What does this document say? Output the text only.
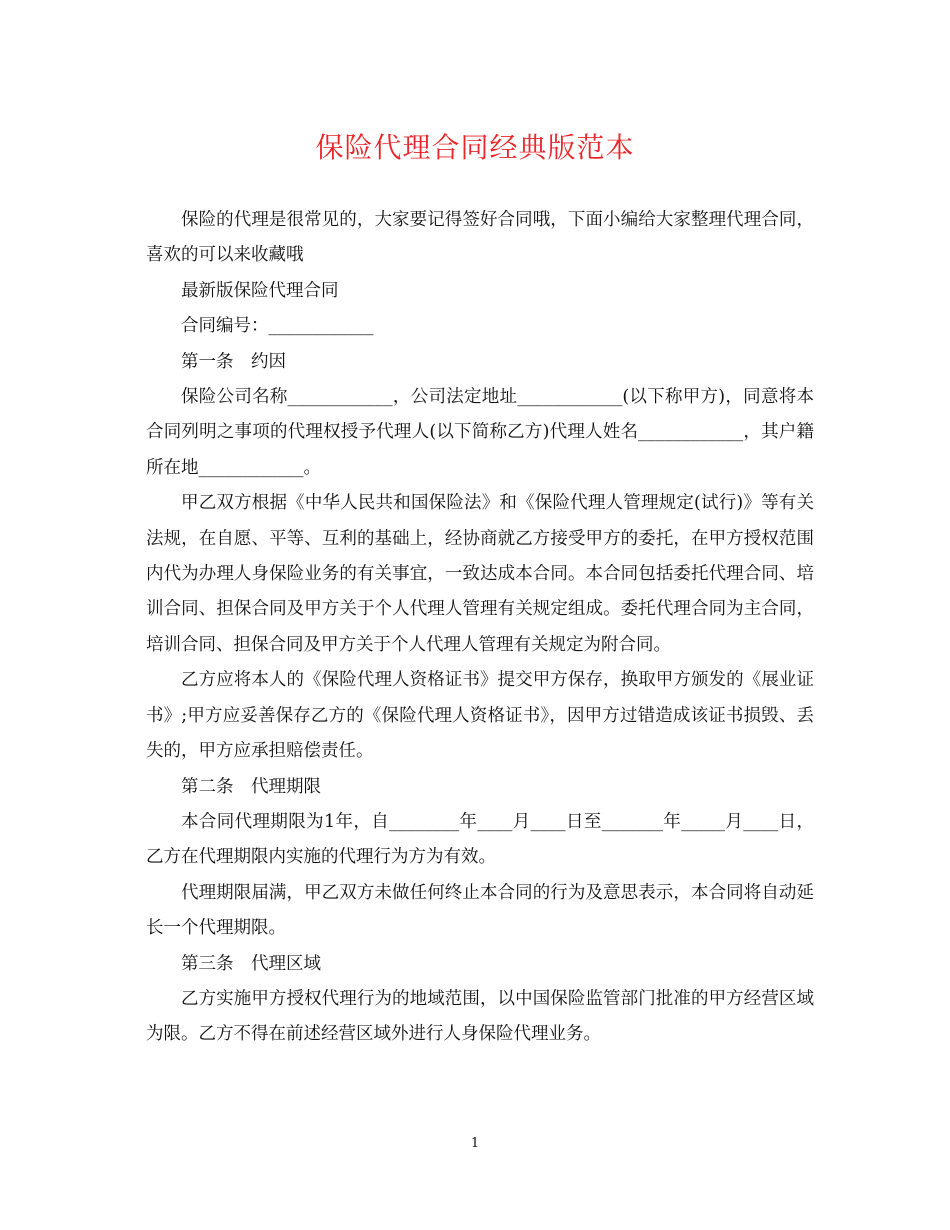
保险代理合同经典版范本

保险的代理是很常见的，大家要记得签好合同哦，下面小编给大家整理代理合同，喜欢的可以来收藏哦

最新版保险代理合同

合同编号：____________

第一条　约因

保险公司名称____________，公司法定地址____________(以下称甲方)，同意将本合同列明之事项的代理权授予代理人(以下简称乙方)代理人姓名____________，其户籍所在地____________。

甲乙双方根据《中华人民共和国保险法》和《保险代理人管理规定(试行)》等有关法规，在自愿、平等、互利的基础上，经协商就乙方接受甲方的委托，在甲方授权范围内代为办理人身保险业务的有关事宜，一致达成本合同。本合同包括委托代理合同、培训合同、担保合同及甲方关于个人代理人管理有关规定组成。委托代理合同为主合同，培训合同、担保合同及甲方关于个人代理人管理有关规定为附合同。

乙方应将本人的《保险代理人资格证书》提交甲方保存，换取甲方颁发的《展业证书》;甲方应妥善保存乙方的《保险代理人资格证书》，因甲方过错造成该证书损毁、丢失的，甲方应承担赔偿责任。

第二条　代理期限

本合同代理期限为1年，自________年____月____日至_______年_____月____日，乙方在代理期限内实施的代理行为方为有效。

代理期限届满，甲乙双方未做任何终止本合同的行为及意思表示，本合同将自动延长一个代理期限。

第三条　代理区域

乙方实施甲方授权代理行为的地域范围，以中国保险监管部门批准的甲方经营区域为限。乙方不得在前述经营区域外进行人身保险代理业务。

1
